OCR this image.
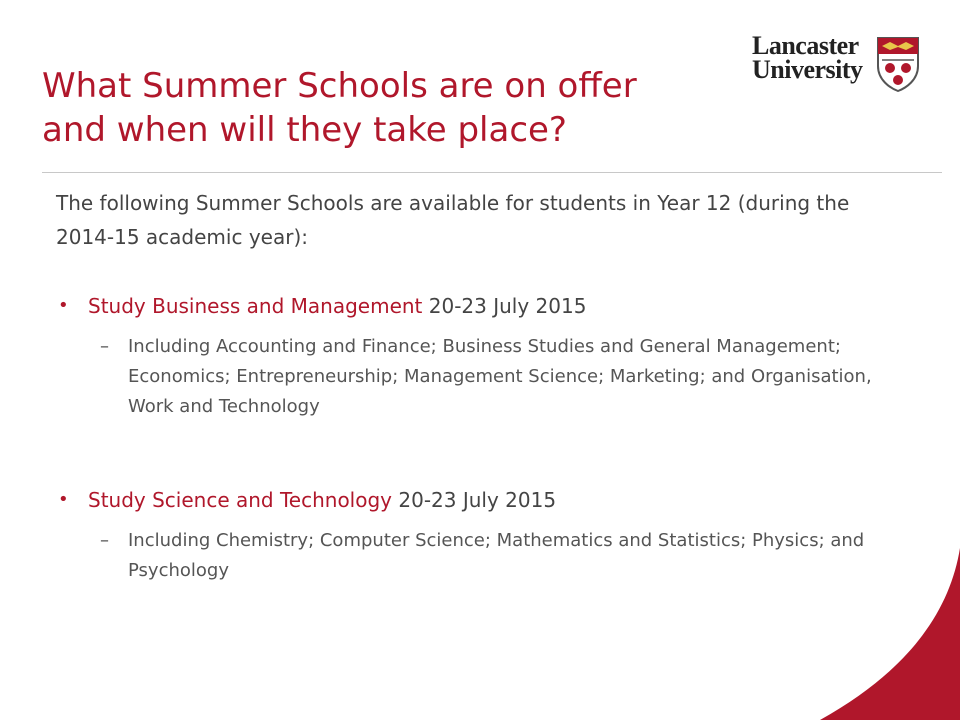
What Summer Schools are on offer
and when will they take place?
Lancaster
University
The following Summer Schools are available for students in Year 12 (during the 2014-15 academic year):
• Study Business and Management 20-23 July 2015
– Including Accounting and Finance; Business Studies and General Management; Economics; Entrepreneurship; Management Science; Marketing; and Organisation, Work and Technology
• Study Science and Technology 20-23 July 2015
– Including Chemistry; Computer Science; Mathematics and Statistics; Physics; and Psychology
